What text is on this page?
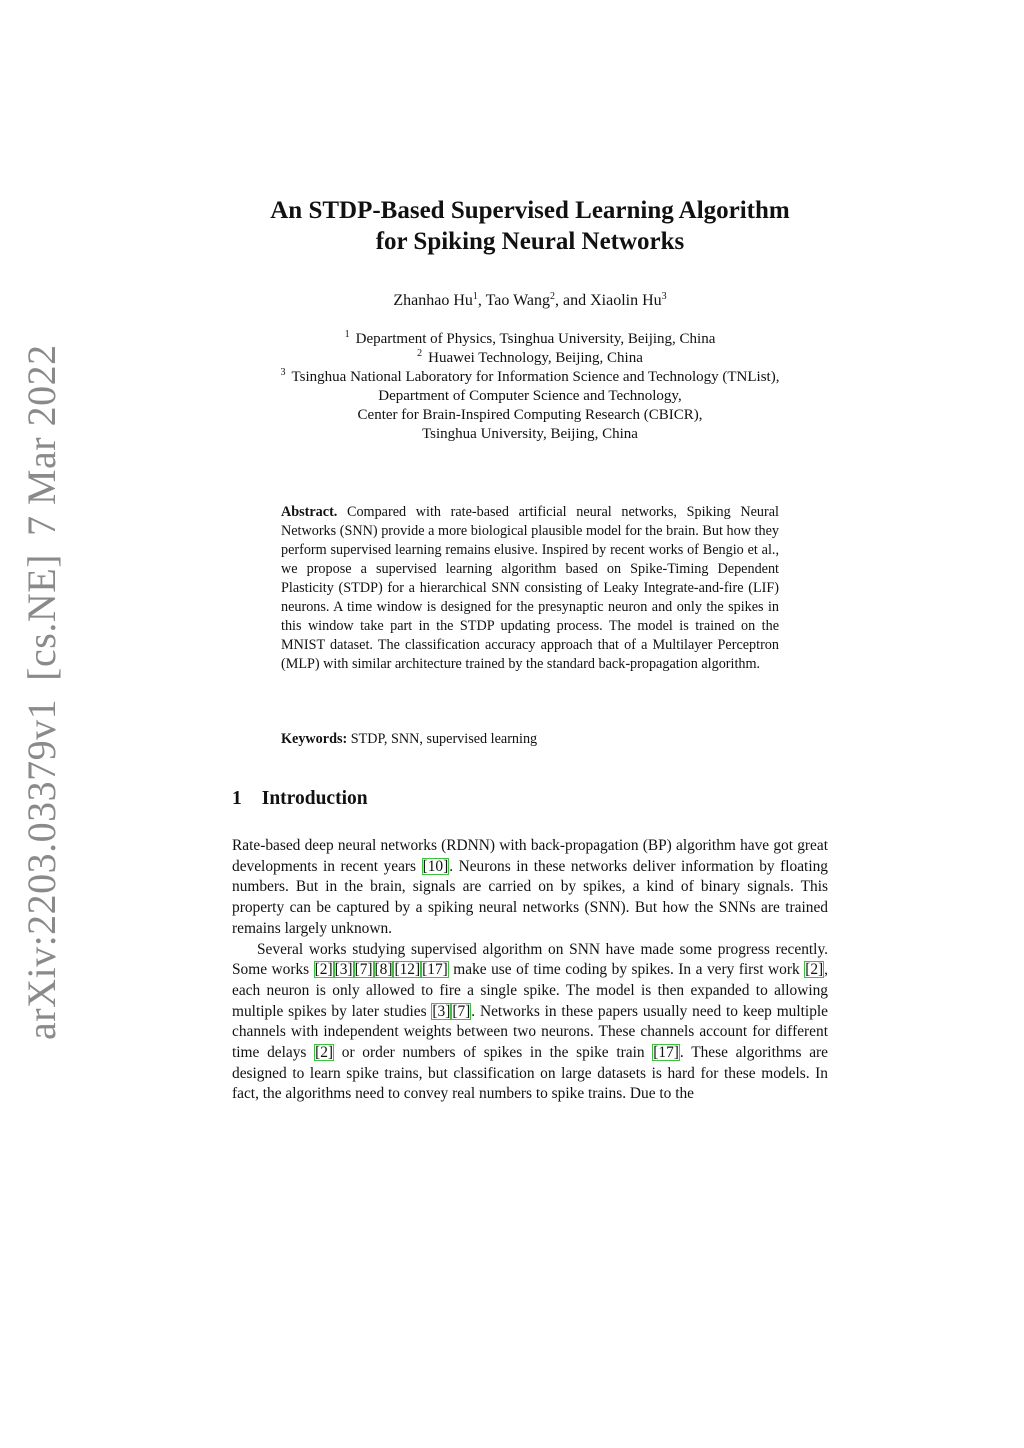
arXiv:2203.03379v1[cs.NE]7 Mar 2022
An STDP-Based Supervised Learning Algorithm
for Spiking Neural Networks
Zhanhao Hu$^1$, Tao Wang$^2$, and Xiaolin Hu$^3$
$^1$ Department of Physics, Tsinghua University, Beijing, China
$^2$ Huawei Technology, Beijing, China
$^3$ Tsinghua National Laboratory for Information Science and Technology (TNList),
Department of Computer Science and Technology,
Center for Brain-Inspired Computing Research (CBICR),
Tsinghua University, Beijing, China
Abstract. Compared with rate-based artificial neural networks, Spiking Neural Networks (SNN) provide a more biological plausible model for the brain. But how they perform supervised learning remains elusive. Inspired by recent works of Bengio et al., we propose a supervised learning algorithm based on Spike-Timing Dependent Plasticity (STDP) for a hierarchical SNN consisting of Leaky Integrate-and-fire (LIF) neurons. A time window is designed for the presynaptic neuron and only the spikes in this window take part in the STDP updating process. The model is trained on the MNIST dataset. The classification accuracy approach that of a Multilayer Perceptron (MLP) with similar architecture trained by the standard back-propagation algorithm.
Keywords: STDP, SNN, supervised learning
1 Introduction

Rate-based deep neural networks (RDNN) with back-propagation (BP) algorithm have got great developments in recent years [10]. Neurons in these networks deliver information by floating numbers. But in the brain, signals are carried on by spikes, a kind of binary signals. This property can be captured by a spiking neural networks (SNN). But how the SNNs are trained remains largely unknown.

Several works studying supervised algorithm on SNN have made some progress recently. Some works [2] [3] [7] [8] [12] [17] make use of time coding by spikes. In a very first work [2], each neuron is only allowed to fire a single spike. The model is then expanded to allowing multiple spikes by later studies [3] [7]. Networks in these papers usually need to keep multiple channels with independent weights between two neurons. These channels account for different time delays [2] or order numbers of spikes in the spike train [17]. These algorithms are designed to learn spike trains, but classification on large datasets is hard for these models. In fact, the algorithms need to convey real numbers to spike trains. Due to the
